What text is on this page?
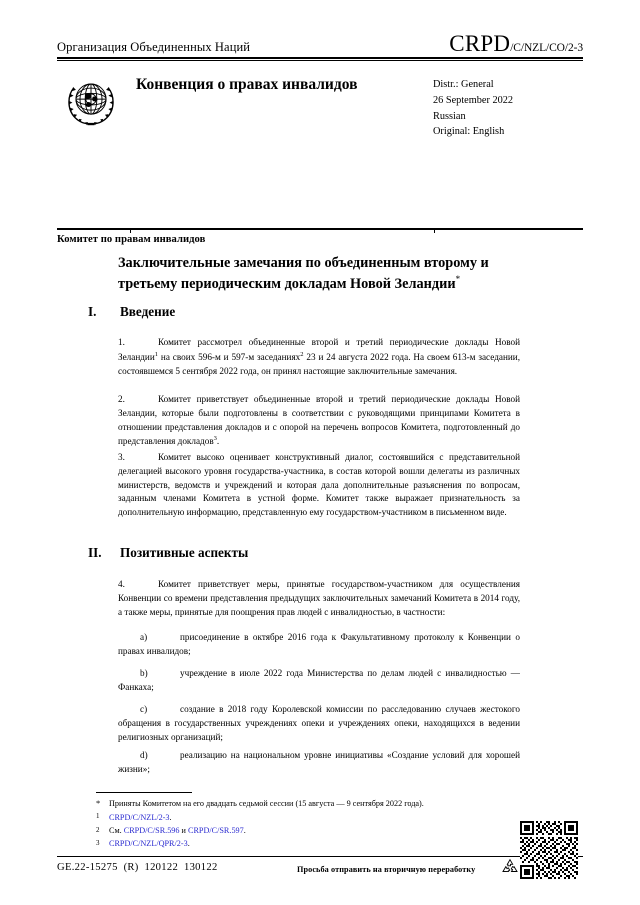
Организация Объединенных Наций	CRPD/C/NZL/CO/2-3
Конвенция о правах инвалидов	Distr.: General
26 September 2022
Russian
Original: English
Комитет по правам инвалидов
Заключительные замечания по объединенным второму и третьему периодическим докладам Новой Зеландии*
I.	Введение
II.	Позитивные аспекты
1.	Комитет рассмотрел объединенные второй и третий периодические доклады Новой Зеландии$^1$ на своих 596-м и 597-м заседаниях$^2$ 23 и 24 августа 2022 года. На своем 613-м заседании, состоявшемся 5 сентября 2022 года, он принял настоящие заключительные замечания.
2.	Комитет приветствует объединенные второй и третий периодические доклады Новой Зеландии, которые были подготовлены в соответствии с руководящими принципами Комитета в отношении представления докладов и с опорой на перечень вопросов Комитета, подготовленный до представления докладов$^3$.
3.	Комитет высоко оценивает конструктивный диалог, состоявшийся с представительной делегацией высокого уровня государства-участника, в состав которой вошли делегаты из различных министерств, ведомств и учреждений и которая дала дополнительные разъяснения по вопросам, заданным членами Комитета в устной форме. Комитет также выражает признательность за дополнительную информацию, представленную ему государством-участником в письменном виде.
4.	Комитет приветствует меры, принятые государством-участником для осуществления Конвенции со времени представления предыдущих заключительных замечаний Комитета в 2014 году, а также меры, принятые для поощрения прав людей с инвалидностью, в частности:
a)	присоединение в октябре 2016 года к Факультативному протоколу к Конвенции о правах инвалидов;
b)	учреждение в июле 2022 года Министерства по делам людей с инвалидностью — Фанкаха;
c)	создание в 2018 году Королевской комиссии по расследованию случаев жестокого обращения в государственных учреждениях опеки и учреждениях опеки, находящихся в ведении религиозных организаций;
d)	реализацию на национальном уровне инициативы «Создание условий для хорошей жизни»;
*	Приняты Комитетом на его двадцать седьмой сессии (15 августа — 9 сентября 2022 года).
1	CRPD/C/NZL/2-3.
2	См. CRPD/C/SR.596 и CRPD/C/SR.597.
3	CRPD/C/NZL/QPR/2-3.
GE.22-15275  (R)  120122  130122	Просьба отправить на вторичную переработку
